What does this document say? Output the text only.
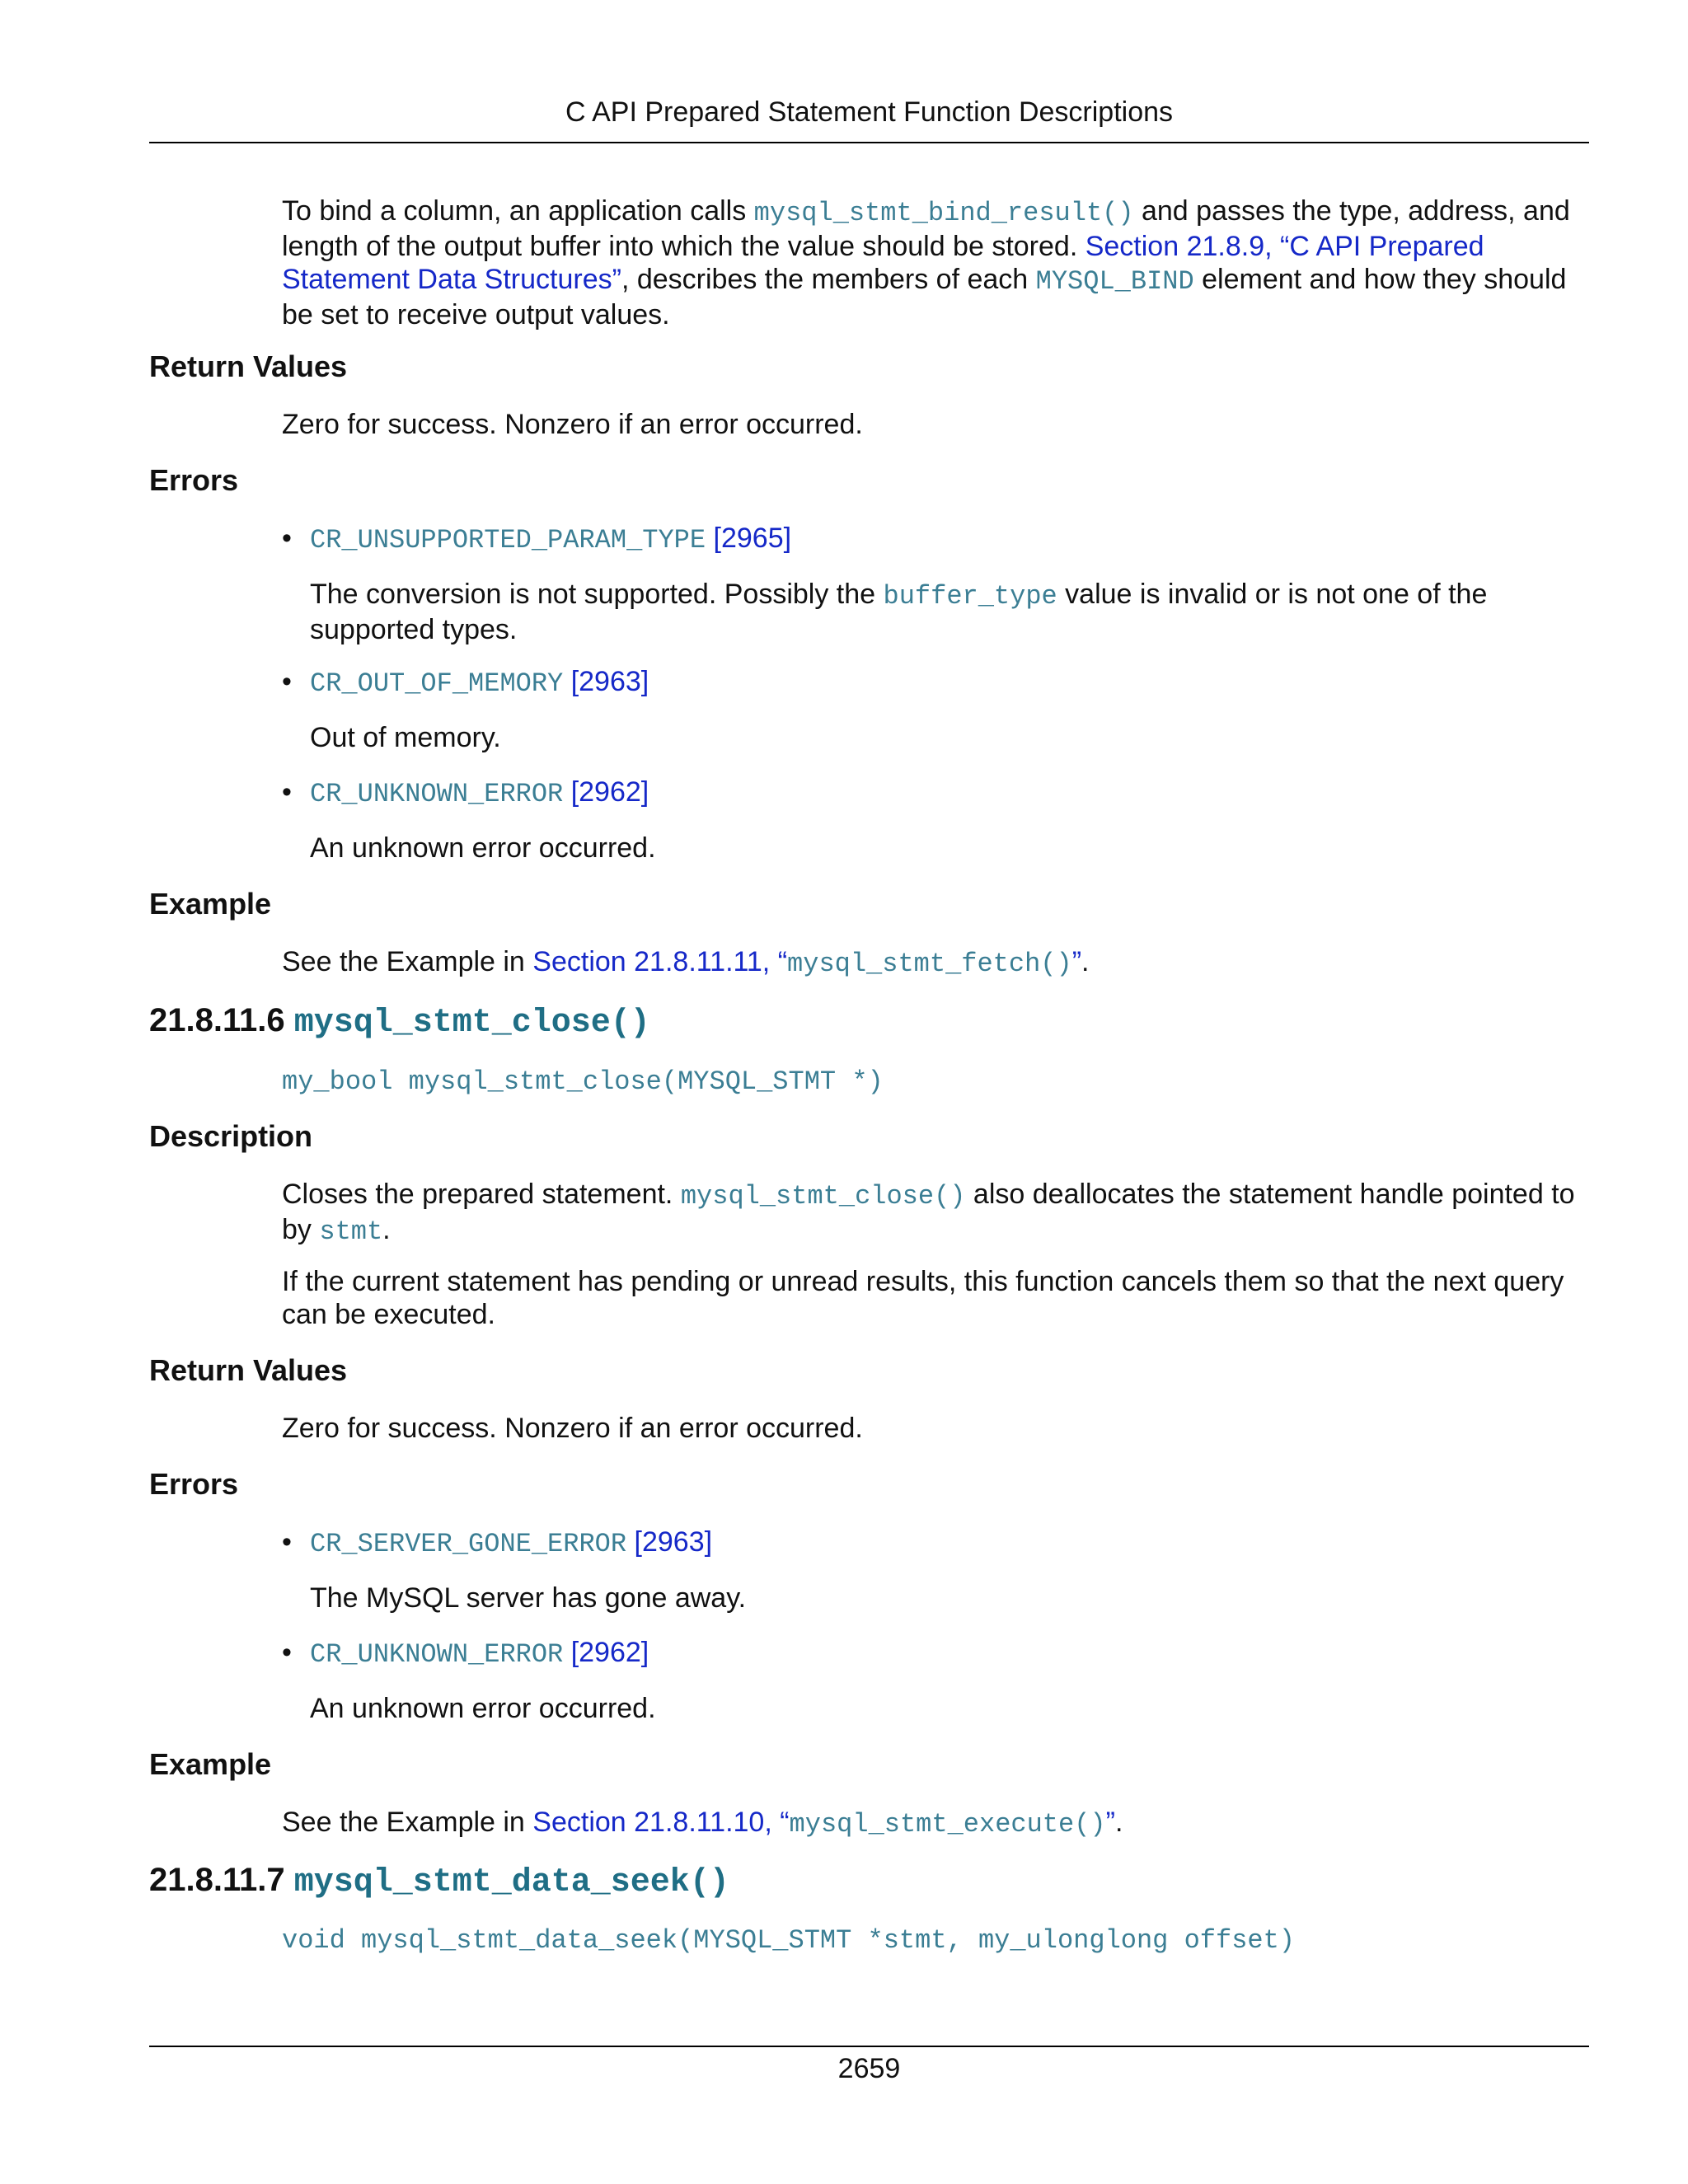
C API Prepared Statement Function Descriptions

To bind a column, an application calls mysql_stmt_bind_result() and passes the type, address, and length of the output buffer into which the value should be stored. Section 21.8.9, “C API Prepared Statement Data Structures”, describes the members of each MYSQL_BIND element and how they should be set to receive output values.

Return Values
Zero for success. Nonzero if an error occurred.
Errors
• CR_UNSUPPORTED_PARAM_TYPE [2965]
The conversion is not supported. Possibly the buffer_type value is invalid or is not one of the supported types.
• CR_OUT_OF_MEMORY [2963]
Out of memory.
• CR_UNKNOWN_ERROR [2962]
An unknown error occurred.
Example
See the Example in Section 21.8.11.11, “mysql_stmt_fetch()”.
21.8.11.6 mysql_stmt_close()
my_bool mysql_stmt_close(MYSQL_STMT *)
Description
Closes the prepared statement. mysql_stmt_close() also deallocates the statement handle pointed to by stmt.
If the current statement has pending or unread results, this function cancels them so that the next query can be executed.
Return Values
Zero for success. Nonzero if an error occurred.
Errors
• CR_SERVER_GONE_ERROR [2963]
The MySQL server has gone away.
• CR_UNKNOWN_ERROR [2962]
An unknown error occurred.
Example
See the Example in Section 21.8.11.10, “mysql_stmt_execute()”.
21.8.11.7 mysql_stmt_data_seek()
void mysql_stmt_data_seek(MYSQL_STMT *stmt, my_ulonglong offset)
2659
